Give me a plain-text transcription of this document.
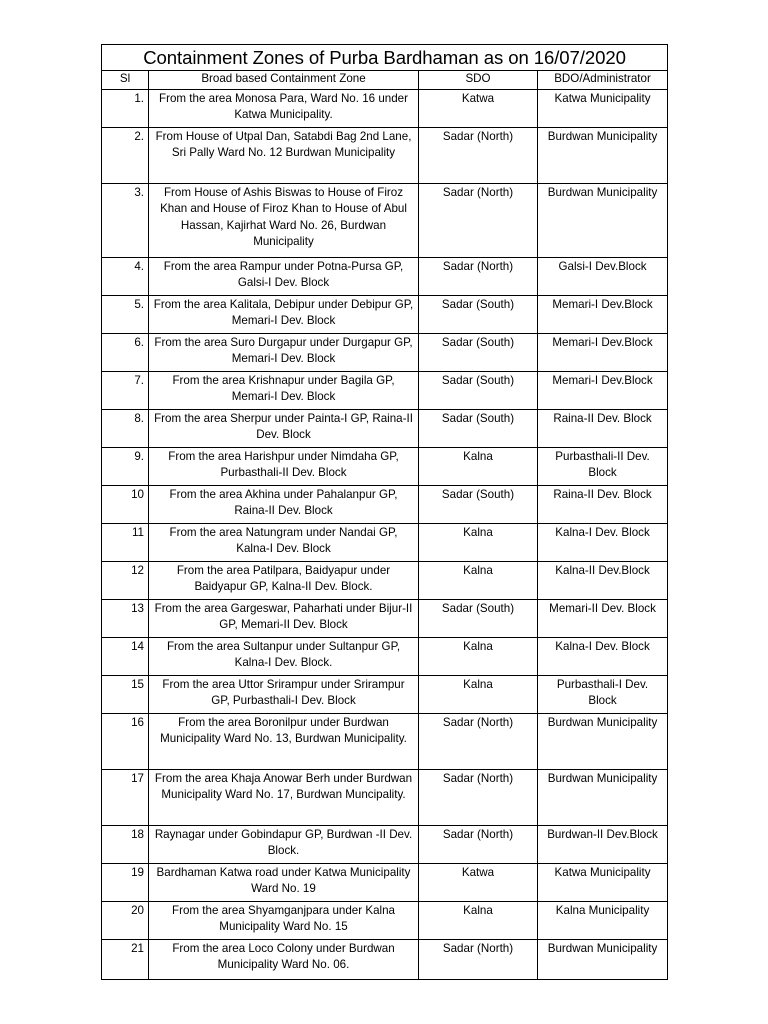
Containment Zones of Purba Bardhaman as on 16/07/2020			
Sl	Broad based Containment Zone	SDO	BDO/Administrator
1.	From the area Monosa Para, Ward No. 16 under Katwa Municipality.	Katwa	Katwa Municipality
2.	From House of Utpal Dan, Satabdi Bag 2nd Lane, Sri Pally Ward No. 12 Burdwan Municipality	Sadar (North)	Burdwan Municipality
3.	From House of Ashis Biswas to House of Firoz Khan and House of Firoz Khan to House of Abul Hassan, Kajirhat Ward No. 26, Burdwan Municipality	Sadar (North)	Burdwan Municipality
4.	From the area Rampur under Potna-Pursa GP, Galsi-I Dev. Block	Sadar (North)	Galsi-I Dev.Block
5.	From the area Kalitala, Debipur under Debipur GP, Memari-I Dev. Block	Sadar (South)	Memari-I Dev.Block
6.	From the area Suro Durgapur under Durgapur GP, Memari-I Dev. Block	Sadar (South)	Memari-I Dev.Block
7.	From the area Krishnapur under Bagila GP, Memari-I Dev. Block	Sadar (South)	Memari-I Dev.Block
8.	From the area Sherpur under Painta-I GP, Raina-II Dev. Block	Sadar (South)	Raina-II Dev. Block
9.	From the area Harishpur under Nimdaha GP, Purbasthali-II Dev. Block	Kalna	Purbasthali-II Dev. Block
10	From the area Akhina under Pahalanpur GP, Raina-II Dev. Block	Sadar (South)	Raina-II Dev. Block
11	From the area Natungram under Nandai GP, Kalna-I Dev. Block	Kalna	Kalna-I Dev. Block
12	From the area Patilpara, Baidyapur under Baidyapur GP, Kalna-II Dev. Block.	Kalna	Kalna-II Dev.Block
13	From the area Gargeswar, Paharhati under Bijur-II GP, Memari-II Dev. Block	Sadar (South)	Memari-II Dev. Block
14	From the area Sultanpur under Sultanpur GP, Kalna-I Dev. Block.	Kalna	Kalna-I Dev. Block
15	From the area Uttor Srirampur under Srirampur GP, Purbasthali-I Dev. Block	Kalna	Purbasthali-I Dev. Block
16	From the area Boronilpur under Burdwan Municipality Ward No. 13, Burdwan Municipality.	Sadar (North)	Burdwan Municipality
17	From the area Khaja Anowar Berh under Burdwan Municipality Ward No. 17, Burdwan Muncipality.	Sadar (North)	Burdwan Municipality
18	Raynagar under Gobindapur GP, Burdwan -II Dev. Block.	Sadar (North)	Burdwan-II Dev.Block
19	Bardhaman Katwa road under Katwa Municipality Ward No. 19	Katwa	Katwa Municipality
20	From the area Shyamganjpara under Kalna Municipality Ward No. 15	Kalna	Kalna Municipality
21	From the area Loco Colony under Burdwan Municipality Ward No. 06.	Sadar (North)	Burdwan Municipality
